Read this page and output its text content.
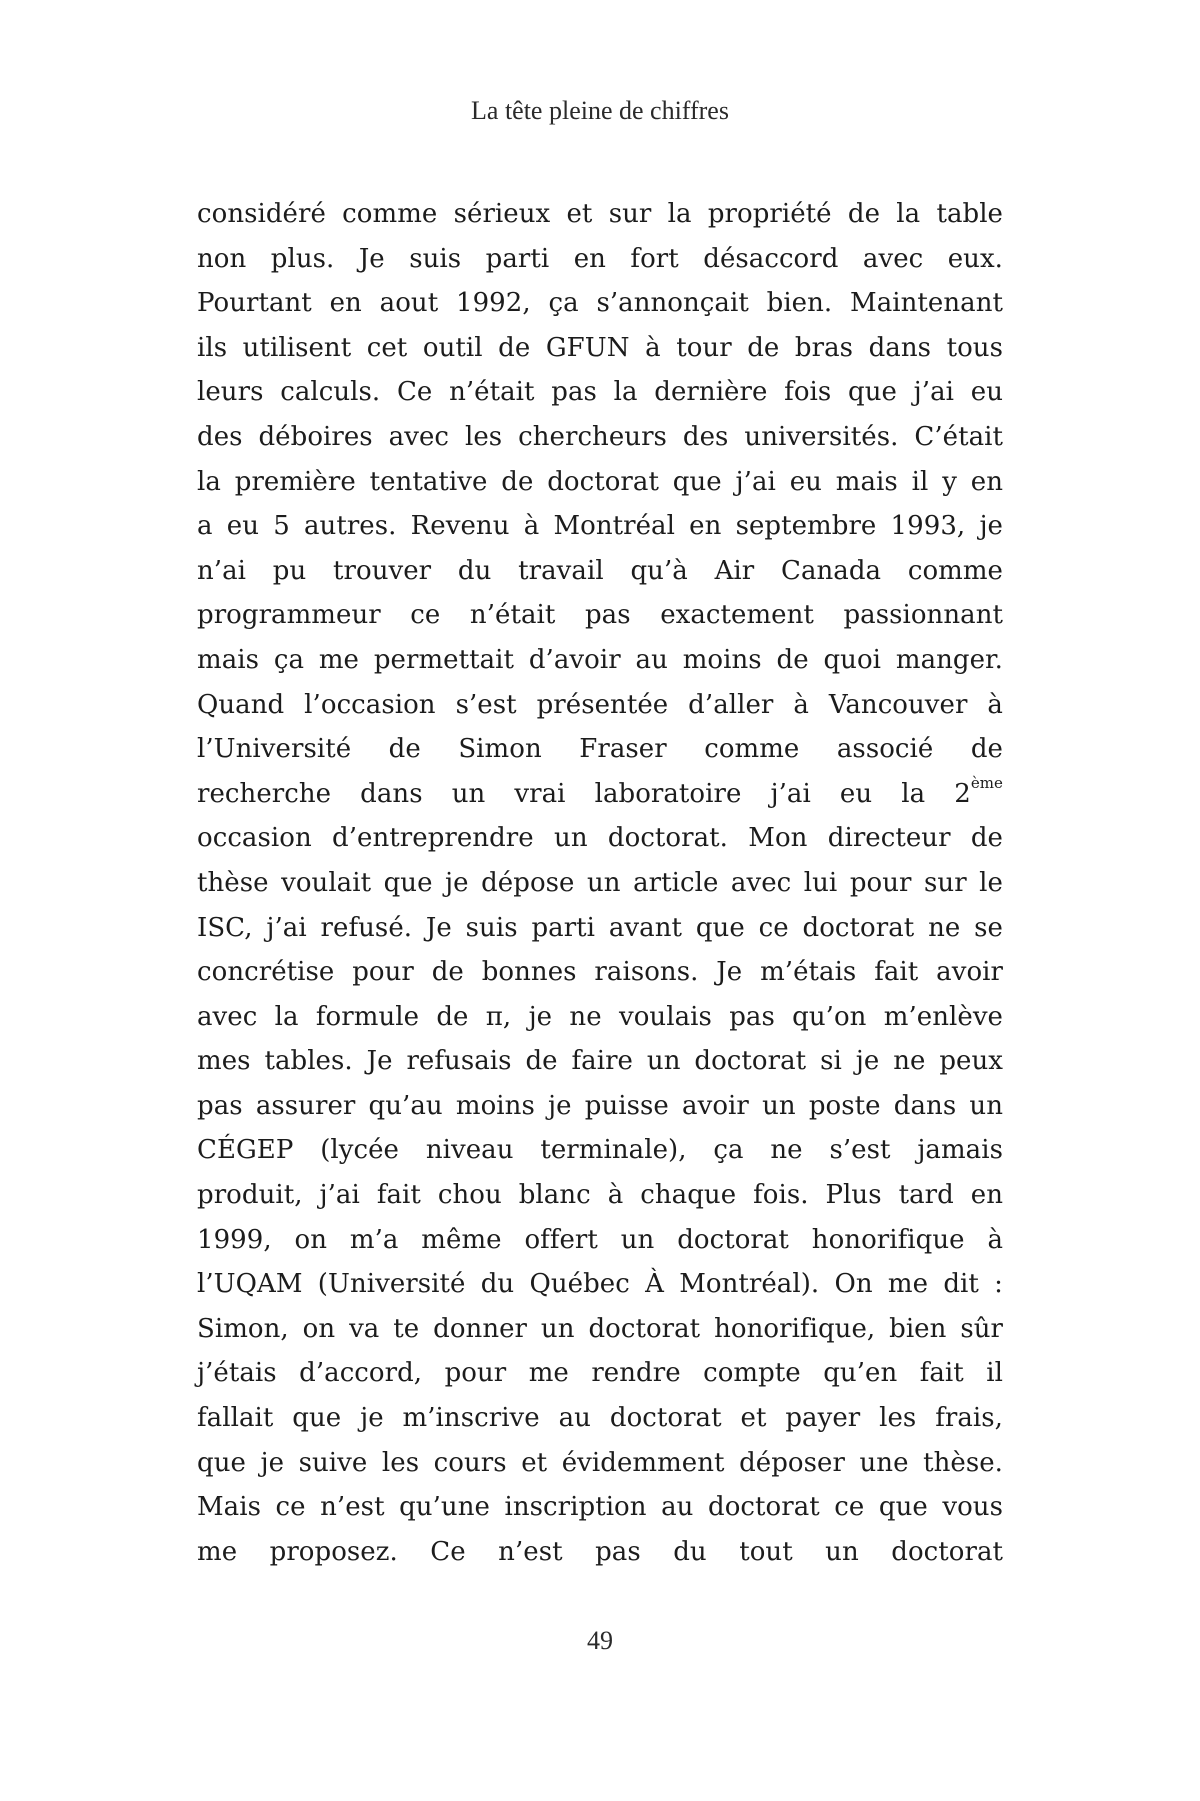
La tête pleine de chiffres
considéré comme sérieux et sur la propriété de la table
non plus. Je suis parti en fort désaccord avec eux.
Pourtant en aout 1992, ça s’annonçait bien. Maintenant
ils utilisent cet outil de GFUN à tour de bras dans tous
leurs calculs. Ce n’était pas la dernière fois que j’ai eu
des déboires avec les chercheurs des universités. C’était
la première tentative de doctorat que j’ai eu mais il y en
a eu 5 autres. Revenu à Montréal en septembre 1993, je
n’ai pu trouver du travail qu’à Air Canada comme
programmeur ce n’était pas exactement passionnant
mais ça me permettait d’avoir au moins de quoi manger.
Quand l’occasion s’est présentée d’aller à Vancouver à
l’Université de Simon Fraser comme associé de
recherche dans un vrai laboratoire j’ai eu la 2ème
occasion d’entreprendre un doctorat. Mon directeur de
thèse voulait que je dépose un article avec lui pour sur le
ISC, j’ai refusé. Je suis parti avant que ce doctorat ne se
concrétise pour de bonnes raisons. Je m’étais fait avoir
avec la formule de π, je ne voulais pas qu’on m’enlève
mes tables. Je refusais de faire un doctorat si je ne peux
pas assurer qu’au moins je puisse avoir un poste dans un
CÉGEP (lycée niveau terminale), ça ne s’est jamais
produit, j’ai fait chou blanc à chaque fois. Plus tard en
1999, on m’a même offert un doctorat honorifique à
l’UQAM (Université du Québec À Montréal). On me dit :
Simon, on va te donner un doctorat honorifique, bien sûr
j’étais d’accord, pour me rendre compte qu’en fait il
fallait que je m’inscrive au doctorat et payer les frais,
que je suive les cours et évidemment déposer une thèse.
Mais ce n’est qu’une inscription au doctorat ce que vous
me proposez. Ce n’est pas du tout un doctorat
49
